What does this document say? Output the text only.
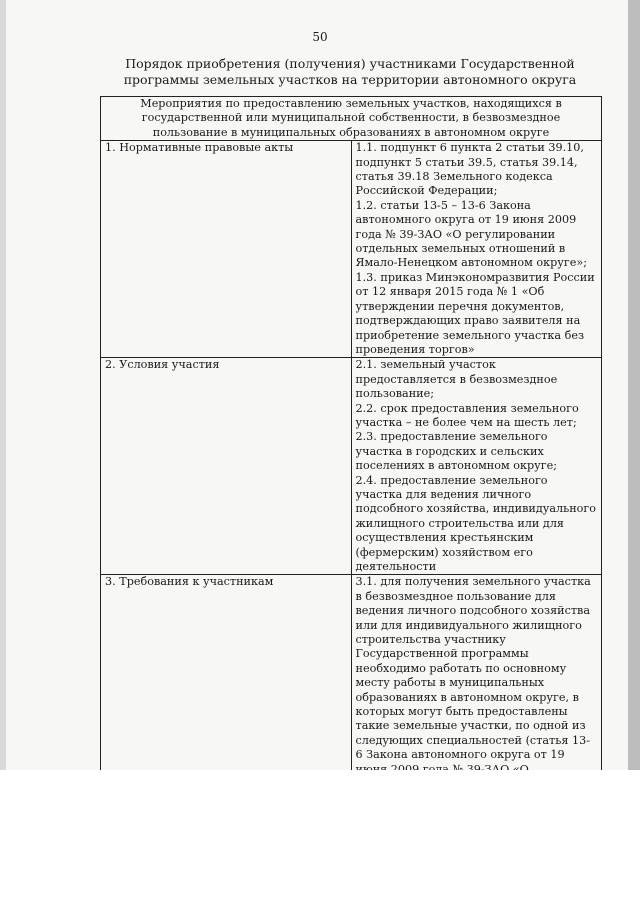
50
Порядок приобретения (получения) участниками Государственной программы земельных участков на территории автономного округа
Мероприятия по предоставлению земельных участков, находящихся в государственной или муниципальной собственности, в безвозмездное пользование в муниципальных образованиях в автономном округе	
1. Нормативные правовые акты	1.1. подпункт 6 пункта 2 статьи 39.10, подпункт 5 статьи 39.5, статья 39.14, статья 39.18 Земельного кодекса Российской Федерации;
1.2. статьи 13-5 – 13-6 Закона автономного округа от 19 июня 2009 года № 39-ЗАО «О регулировании отдельных земельных отношений в Ямало-Ненецком автономном округе»;
1.3. приказ Минэкономразвития России от 12 января 2015 года № 1 «Об утверждении перечня документов, подтверждающих право заявителя на приобретение земельного участка без проведения торгов»

2. Условия участия	2.1. земельный участок предоставляется в безвозмездное пользование;
2.2. срок предоставления земельного участка – не более чем на шесть лет;
2.3. предоставление земельного участка в городских и сельских поселениях в автономном округе;
2.4. предоставление земельного участка для ведения личного подсобного хозяйства, индивидуального жилищного строительства или для осуществления крестьянским (фермерским) хозяйством его деятельности

3. Требования к участникам	3.1. для получения земельного участка в безвозмездное пользование для ведения личного подсобного хозяйства или для индивидуального жилищного строительства участнику Государственной программы необходимо работать по основному месту работы в муниципальных образованиях в автономном округе, в которых могут быть предоставлены такие земельные участки, по одной из следующих специальностей (статья 13-6 Закона автономного округа от 19
